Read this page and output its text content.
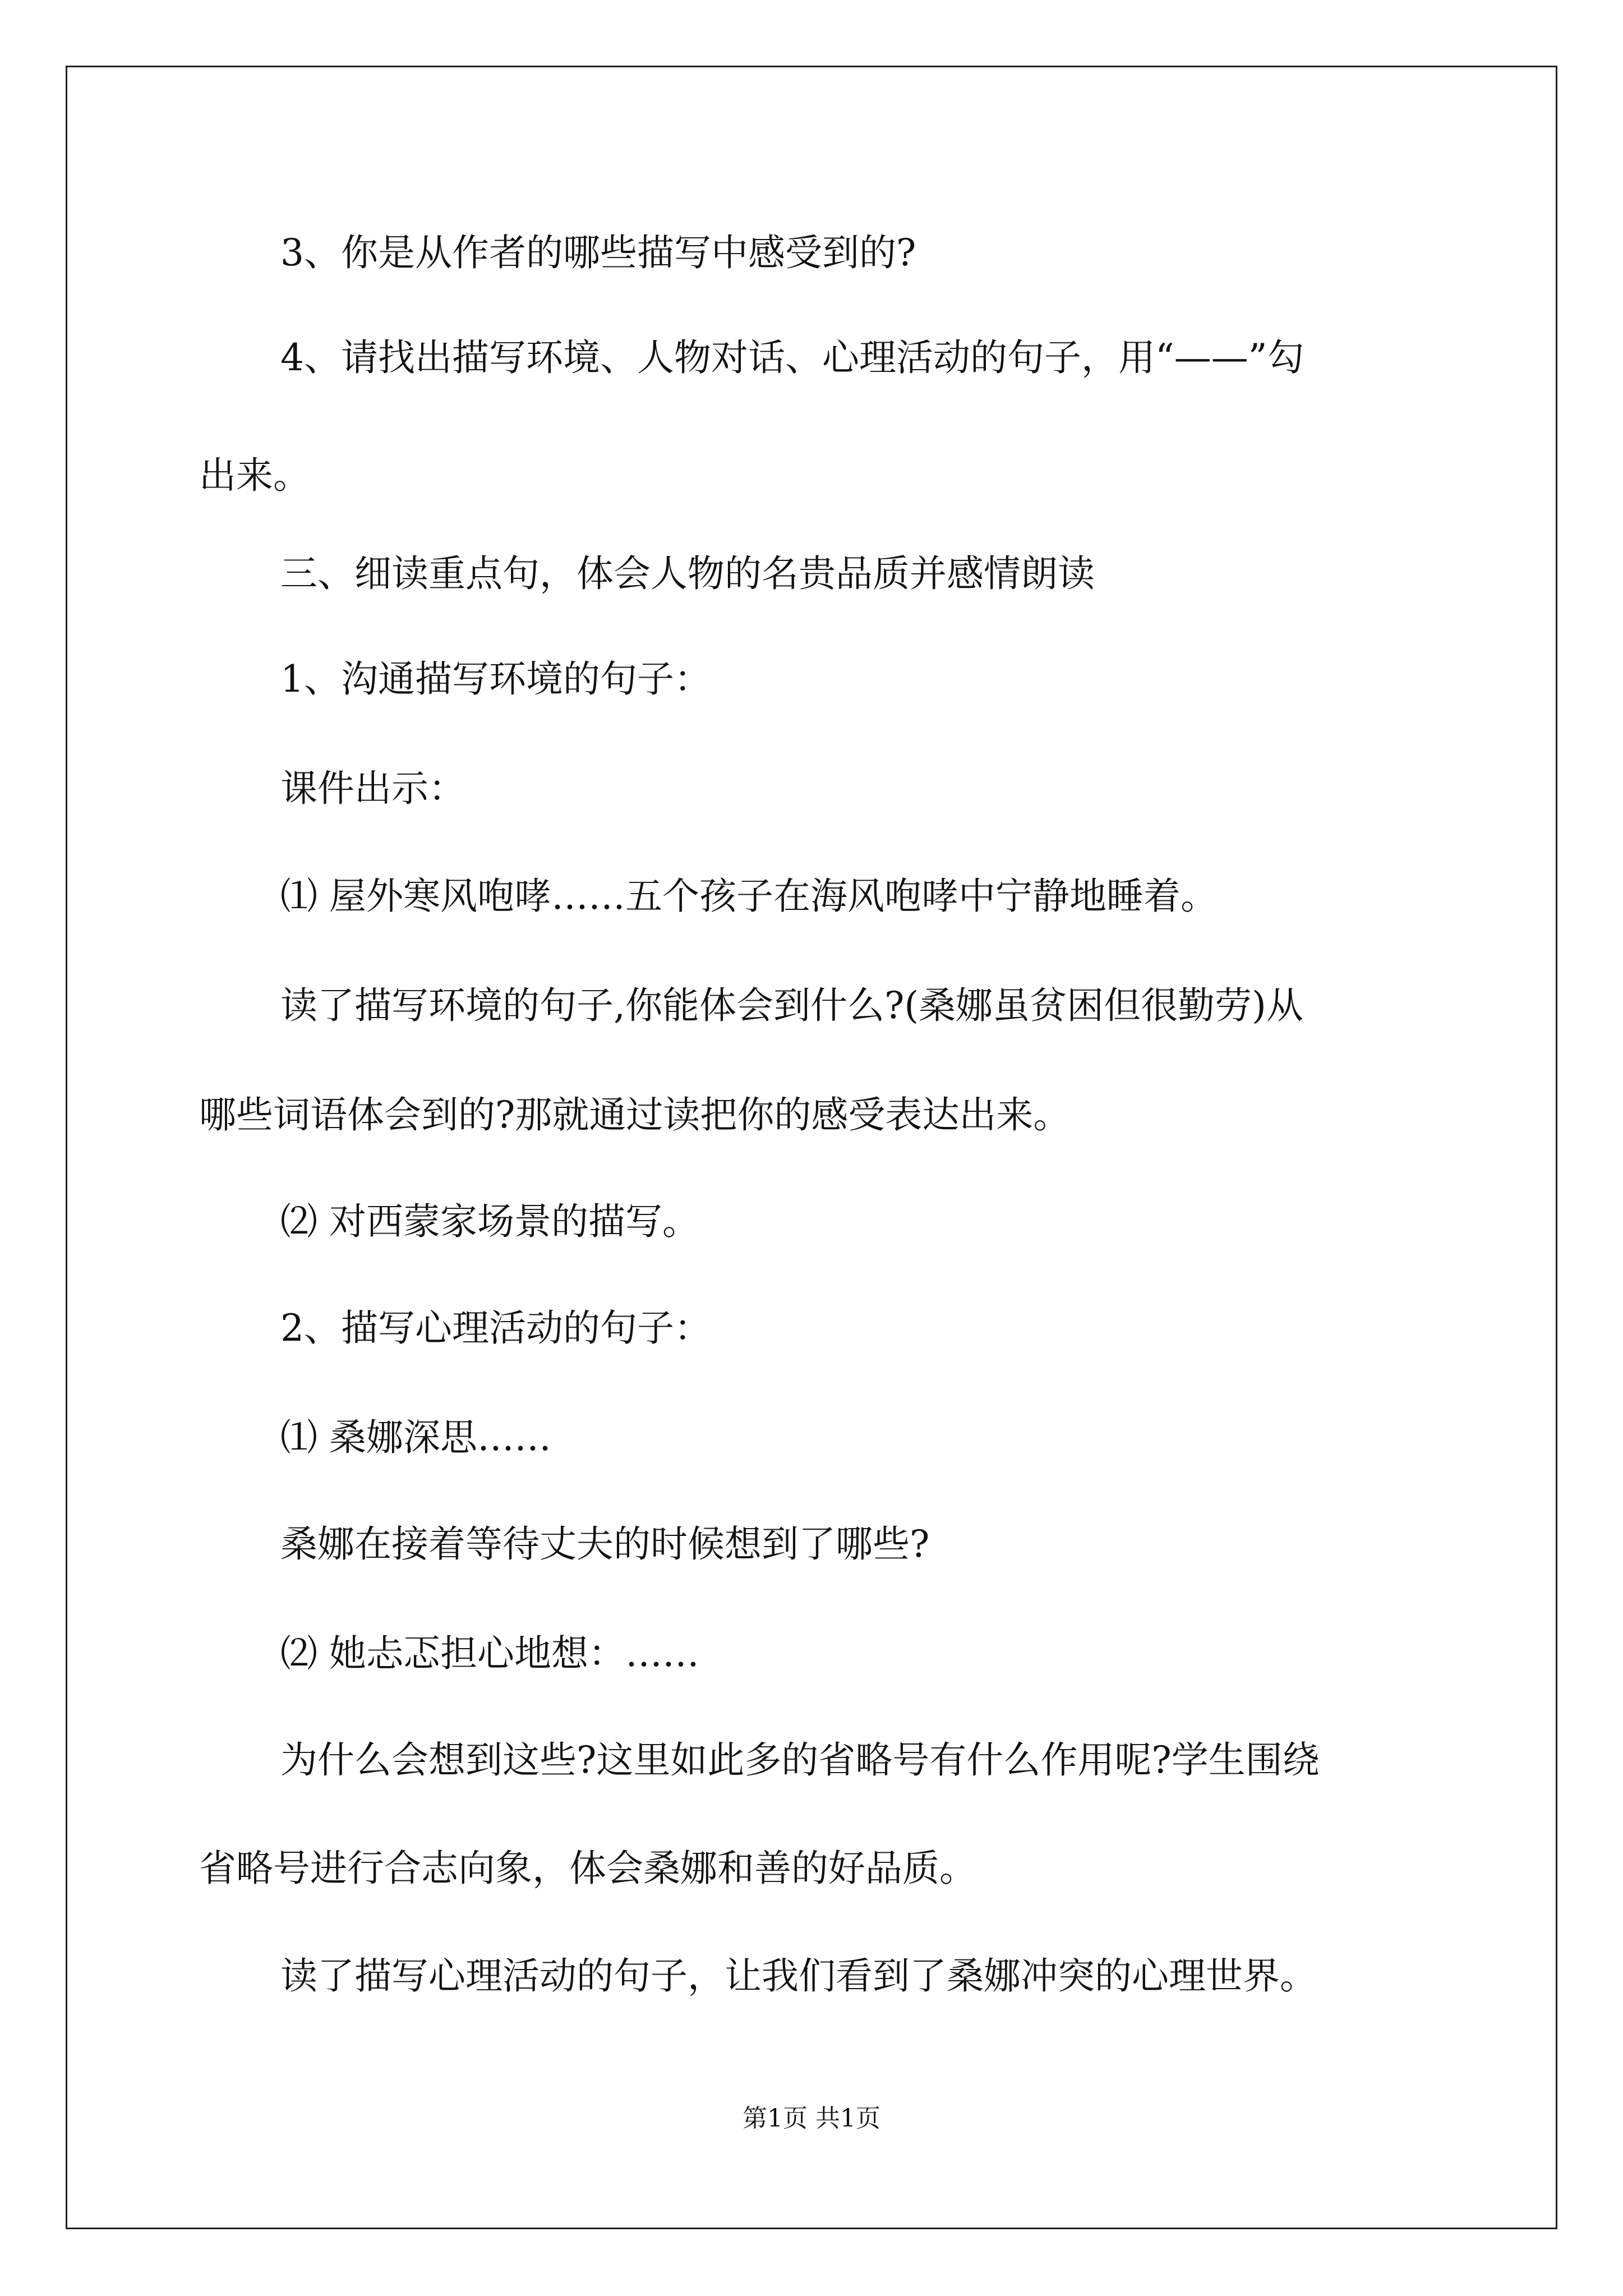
3、你是从作者的哪些描写中感受到的?
4、请找出描写环境、人物对话、心理活动的句子，用“——”勾
出来。
三、细读重点句，体会人物的名贵品质并感情朗读
1、沟通描写环境的句子：
课件出示：
⑴ 屋外寒风咆哮……五个孩子在海风咆哮中宁静地睡着。
读了描写环境的句子,你能体会到什么?(桑娜虽贫困但很勤劳)从
哪些词语体会到的?那就通过读把你的感受表达出来。
⑵ 对西蒙家场景的描写。
2、描写心理活动的句子：
⑴ 桑娜深思……
桑娜在接着等待丈夫的时候想到了哪些?
⑵ 她忐忑担心地想：……
为什么会想到这些?这里如此多的省略号有什么作用呢?学生围绕
省略号进行合志向象，体会桑娜和善的好品质。
读了描写心理活动的句子，让我们看到了桑娜冲突的心理世界。
第1页 共1页
